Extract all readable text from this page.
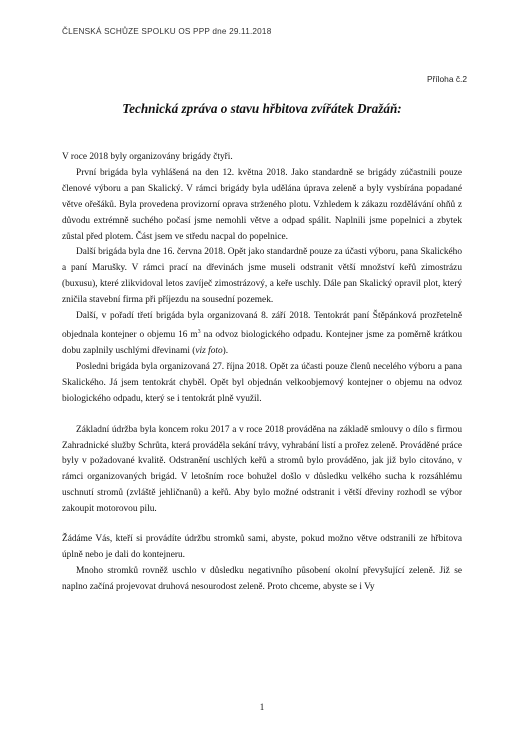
ČLENSKÁ SCHŮZE SPOLKU OS PPP dne 29.11.2018
Příloha č.2
Technická zpráva o stavu hřbitova zvířátek Dražáň:

V roce 2018 byly organizovány brigády čtyři.

První brigáda byla vyhlášená na den 12. května 2018. Jako standardně se brigády zúčastnili pouze členové výboru a pan Skalický. V rámci brigády byla udělána úprava zeleně a byly vysbírána popadané větve ořešáků. Byla provedena provizorní oprava strženého plotu. Vzhledem k zákazu rozdělávání ohňů z důvodu extrémně suchého počasí jsme nemohli větve a odpad spálit. Naplnili jsme popelnici a zbytek zůstal před plotem. Část jsem ve středu nacpal do popelnice.

Další brigáda byla dne 16. června 2018. Opět jako standardně pouze za účasti výboru, pana Skalického a paní Marušky. V rámci prací na dřevinách jsme museli odstranit větší množství keřů zimostrázu (buxusu), které zlikvidoval letos zavíječ zimostrázový, a keře uschly. Dále pan Skalický opravil plot, který zničila stavební firma při příjezdu na sousední pozemek.

Další, v pořadí třetí brigáda byla organizovaná 8. září 2018. Tentokrát paní Štěpánková prozřetelně objednala kontejner o objemu 16 $m^3$ na odvoz biologického odpadu. Kontejner jsme za poměrně krátkou dobu zaplnily uschlými dřevinami (viz foto).

Posledni brigáda byla organizovaná 27. října 2018. Opět za účasti pouze členů necelého výboru a pana Skalického. Já jsem tentokrát chyběl. Opět byl objednán velkoobjemový kontejner o objemu na odvoz biologického odpadu, který se i tentokrát plně využil.

Základní údržba byla koncem roku 2017 a v roce 2018 prováděna na základě smlouvy o dílo s firmou Zahradnické služby Schrůta, která prováděla sekání trávy, vyhrabání listí a prořez zeleně. Prováděné práce byly v požadované kvalitě. Odstranění uschlých keřů a stromů bylo prováděno, jak již bylo citováno, v rámci organizovaných brigád. V letošním roce bohužel došlo v důsledku velkého sucha k rozsáhlému uschnutí stromů (zvláště jehličnanů) a keřů. Aby bylo možné odstranit i větší dřeviny rozhodl se výbor zakoupit motorovou pilu.

Žádáme Vás, kteří si provádíte údržbu stromků sami, abyste, pokud možno větve odstranili ze hřbitova úplně nebo je dali do kontejneru.

Mnoho stromků rovněž uschlo v důsledku negativního působení okolní převyšující zeleně. Již se naplno začíná projevovat druhová nesourodost zeleně. Proto chceme, abyste se i Vy

1
